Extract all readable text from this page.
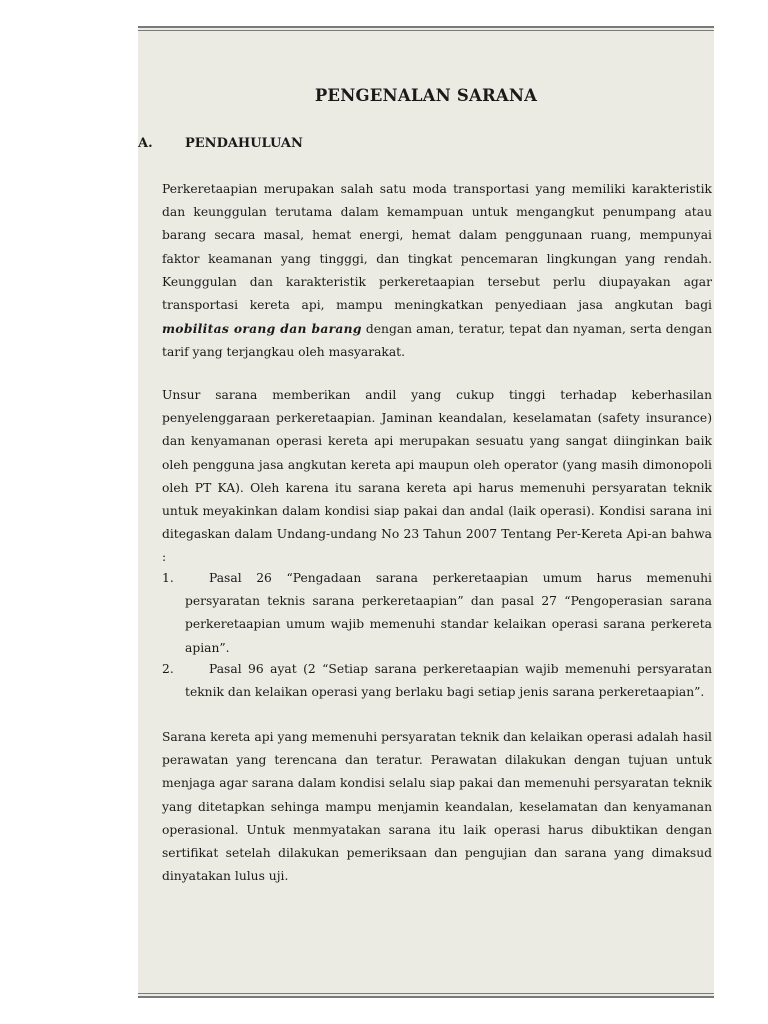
PENGENALAN SARANA
A. PENDAHULUAN

Perkeretaapian merupakan salah satu moda transportasi yang memiliki karakteristik dan keunggulan terutama dalam kemampuan untuk mengangkut penumpang atau barang secara masal, hemat energi, hemat dalam penggunaan ruang, mempunyai faktor keamanan yang tingggi, dan tingkat pencemaran lingkungan yang rendah. Keunggulan dan karakteristik perkeretaapian tersebut perlu diupayakan agar transportasi kereta api, mampu meningkatkan penyediaan jasa angkutan bagi mobilitas orang dan barang dengan aman, teratur, tepat dan nyaman, serta dengan tarif yang terjangkau oleh masyarakat.

Unsur sarana memberikan andil yang cukup tinggi terhadap keberhasilan penyelenggaraan perkeretaapian. Jaminan keandalan, keselamatan (safety insurance) dan kenyamanan operasi kereta api merupakan sesuatu yang sangat diinginkan baik oleh pengguna jasa angkutan kereta api maupun oleh operator (yang masih dimonopoli oleh PT KA). Oleh karena itu sarana kereta api harus memenuhi persyaratan teknik untuk meyakinkan dalam kondisi siap pakai dan andal (laik operasi). Kondisi sarana ini ditegaskan dalam Undang-undang No 23 Tahun 2007 Tentang Per-Kereta Api-an bahwa :

1.	Pasal 26 “Pengadaan sarana perkeretaapian umum harus memenuhi persyaratan teknis sarana perkeretaapian” dan pasal 27 “Pengoperasian sarana perkeretaapian umum wajib memenuhi standar kelaikan operasi sarana perkereta apian”.

2.	Pasal 96 ayat (2 “Setiap sarana perkeretaapian wajib memenuhi persyaratan teknik dan kelaikan operasi yang berlaku bagi setiap jenis sarana perkeretaapian”.

Sarana kereta api yang memenuhi persyaratan teknik dan kelaikan operasi adalah hasil perawatan yang terencana dan teratur. Perawatan dilakukan dengan tujuan untuk menjaga agar sarana dalam kondisi selalu siap pakai dan memenuhi persyaratan teknik yang ditetapkan sehinga mampu menjamin keandalan, keselamatan dan kenyamanan operasional. Untuk menmyatakan sarana itu laik operasi harus dibuktikan dengan sertifikat setelah dilakukan pemeriksaan dan pengujian dan sarana yang dimaksud dinyatakan lulus uji.
